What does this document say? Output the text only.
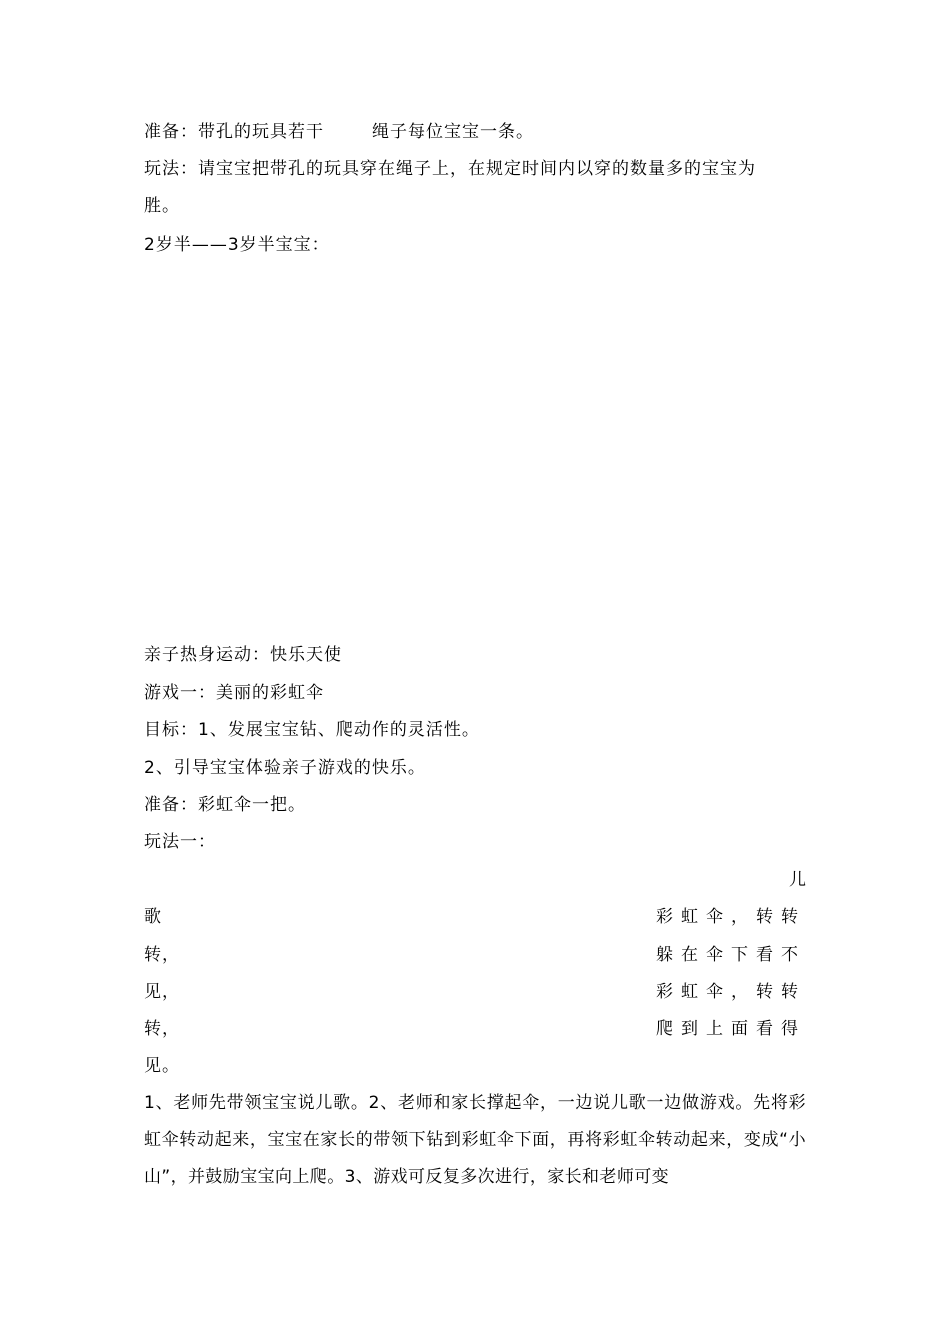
准备：带孔的玩具若干	绳子每位宝宝一条。
玩法：请宝宝把带孔的玩具穿在绳子上，在规定时间内以穿的数量多的宝宝为
胜。
2岁半——3岁半宝宝：
亲子热身运动：快乐天使
游戏一：美丽的彩虹伞
目标：1、发展宝宝钻、爬动作的灵活性。
2、引导宝宝体验亲子游戏的快乐。
准备：彩虹伞一把。
玩法一：
儿
歌	彩虹伞，转转
转，	躲在伞下看不
见，	彩虹伞，转转
转，	爬到上面看得
见。
1、老师先带领宝宝说儿歌。2、老师和家长撑起伞，一边说儿歌一边做游戏。先将彩虹伞转动起来，宝宝在家长的带领下钻到彩虹伞下面，再将彩虹伞转动起来，变成“小山”，并鼓励宝宝向上爬。3、游戏可反复多次进行，家长和老师可变
